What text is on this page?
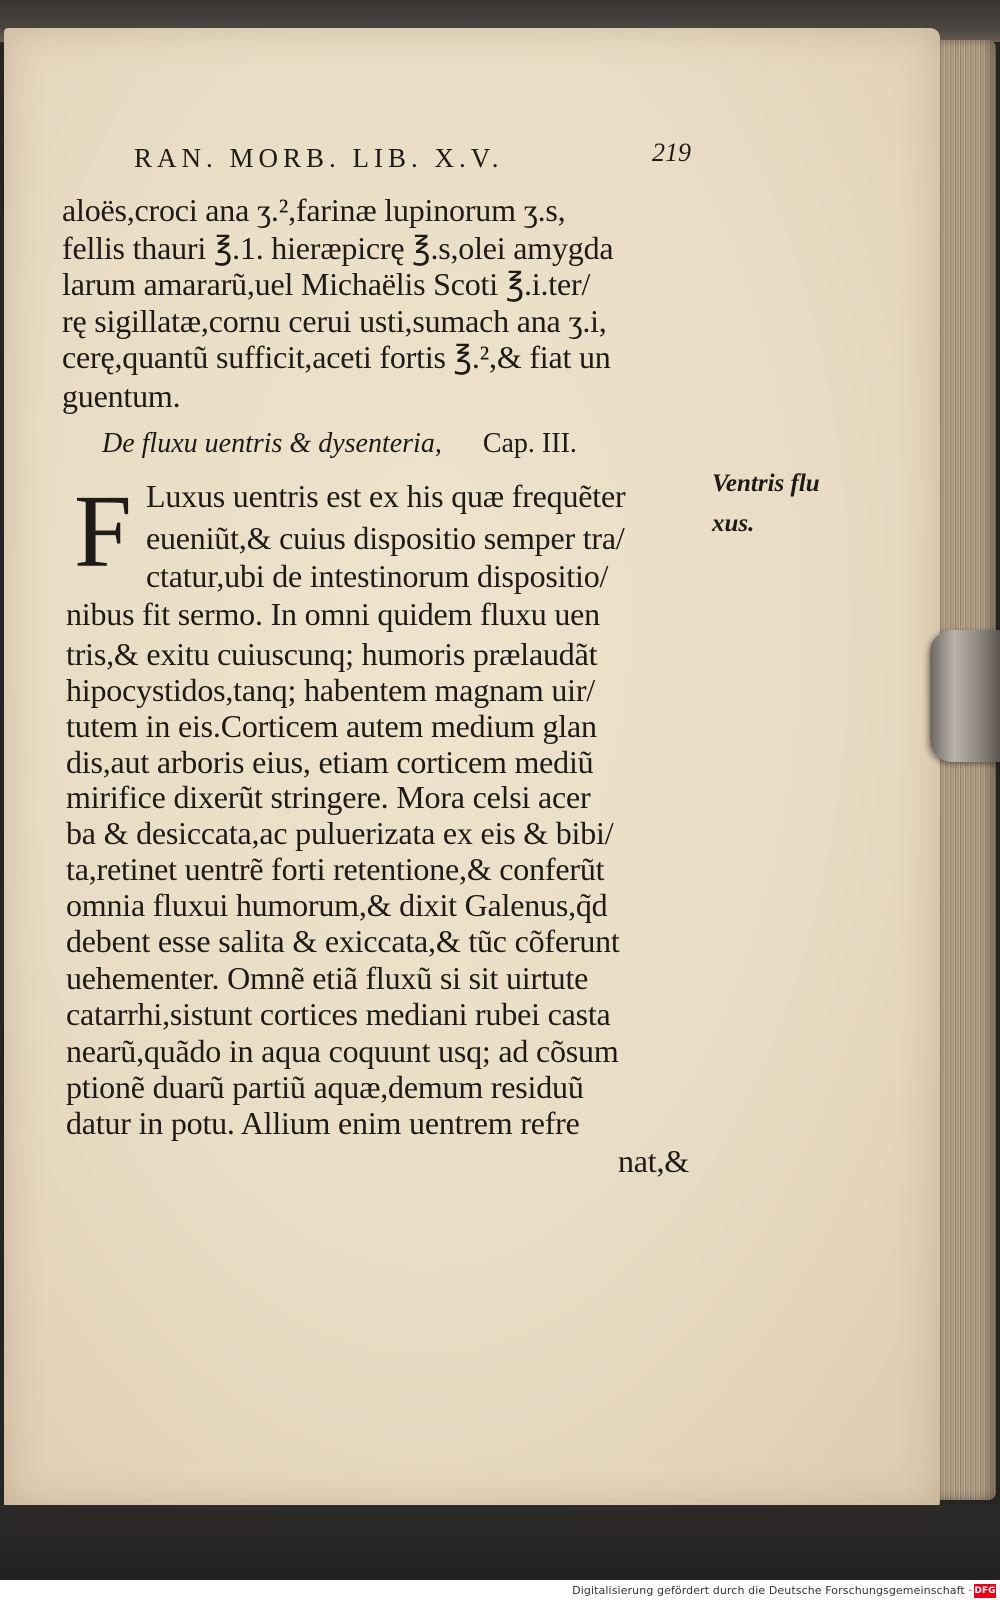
RAN. MORB. LIB. X.V.	219
aloës,croci ana ʒ.²,farinæ lupinorum ʒ.s,
fellis thauri ℥.1. hieræpicrę ℥.s,olei amygda
larum amararũ,uel Michaëlis Scoti ℥.i.ter/
rę sigillatæ,cornu cerui usti,sumach ana ʒ.i,
cerę,quantũ sufficit,aceti fortis ℥.²,& fiat un
guentum.
De fluxu uentris & dysenteria, Cap. III.
F Luxus uentris est ex his quæ frequẽter
eueniũt,& cuius dispositio semper tra/
ctatur,ubi de intestinorum dispositio/
nibus fit sermo. In omni quidem fluxu uen
tris,& exitu cuiuscunq; humoris prælaudãt
hipocystidos,tanq; habentem magnam uir/
tutem in eis.Corticem autem medium glan
dis,aut arboris eius, etiam corticem mediũ
mirifice dixerũt stringere. Mora celsi acer
ba & desiccata,ac puluerizata ex eis & bibi/
ta,retinet uentrẽ forti retentione,& conferũt
omnia fluxui humorum,& dixit Galenus,q̃d
debent esse salita & exiccata,& tũc cõferunt
uehementer. Omnẽ etiã fluxũ si sit uirtute
catarrhi,sistunt cortices mediani rubei casta
nearũ,quãdo in aqua coquunt usq; ad cõsum
ptionẽ duarũ partiũ aquæ,demum residuũ
datur in potu. Allium enim uentrem refre
nat,&
Ventris flu
xus.
Digitalisierung gefördert durch die Deutsche Forschungsgemeinschaft · DFG
